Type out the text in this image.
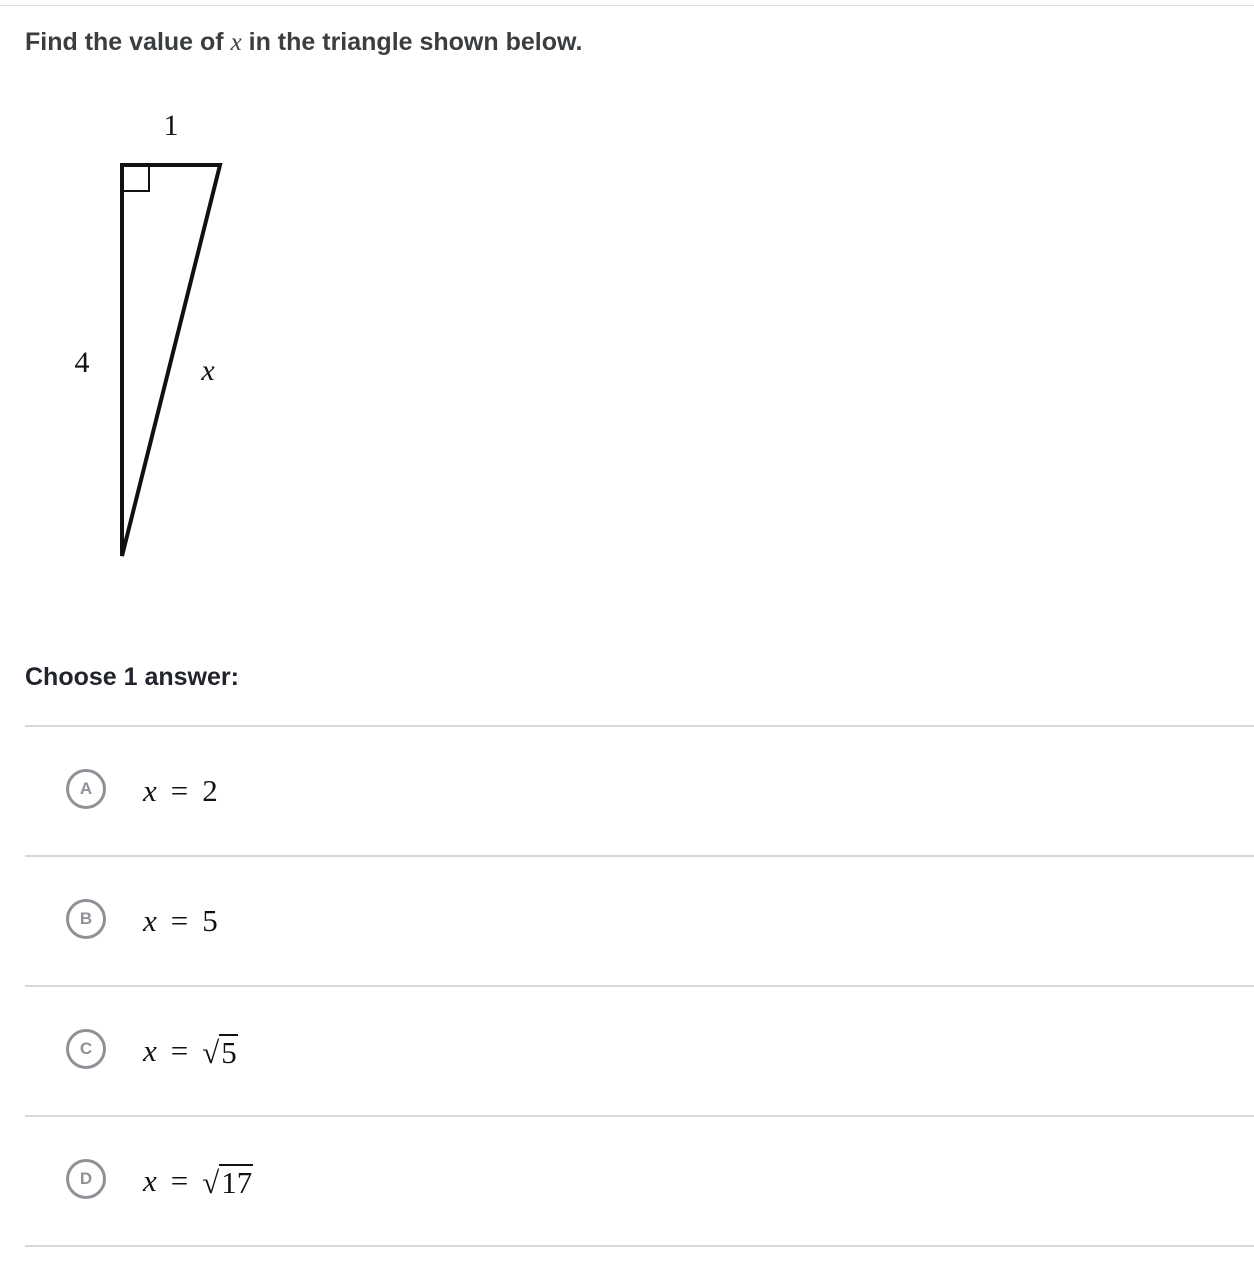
Find the value of x in the triangle shown below.
1
4	x
Choose 1 answer:
A x = 2
B x = 5
C x = √ 5
D x = √ 17
